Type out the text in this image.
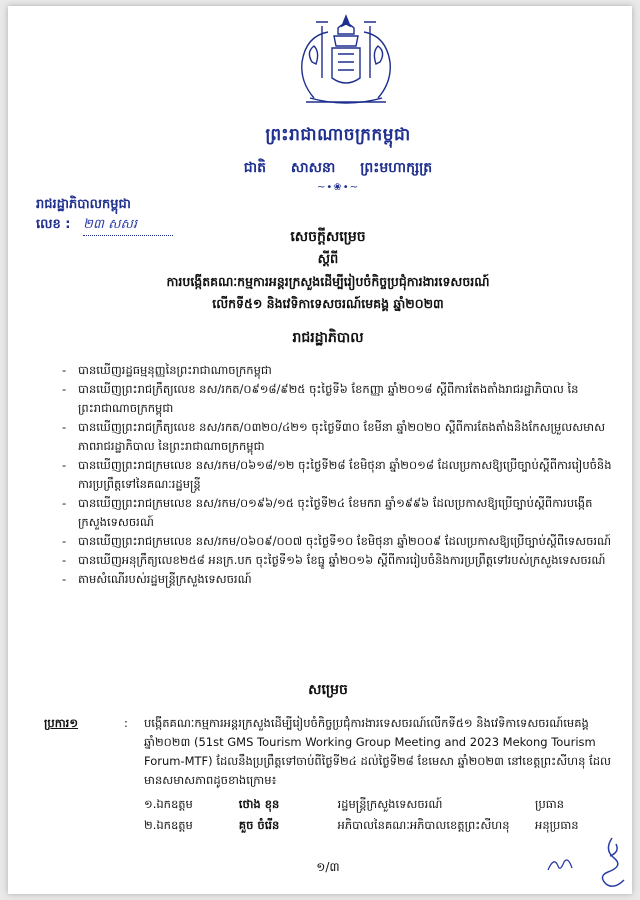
ព្រះរាជាណាចក្រកម្ពុជា
ជាតិ សាសនា ព្រះមហាក្សត្រ
~•❀•~
រាជរដ្ឋាភិបាលកម្ពុជា
លេខ : ២៣ សសរ
សេចក្តីសម្រេច
ស្តីពី
ការបង្កើតគណៈកម្មការអន្តរក្រសួងដើម្បីរៀបចំកិច្ចប្រជុំការងារទេសចរណ៍
លើកទី៥១ និងវេទិកាទេសចរណ៍មេគង្គ ឆ្នាំ២០២៣
រាជរដ្ឋាភិបាល
- បានឃើញរដ្ឋធម្មនុញ្ញនៃព្រះរាជាណាចក្រកម្ពុជា
- បានឃើញព្រះរាជក្រឹត្យលេខ នស/រកត/០៩១៨/៩២៥ ចុះថ្ងៃទី៦ ខែកញ្ញា ឆ្នាំ២០១៨ ស្តីពីការតែងតាំងរាជរដ្ឋាភិបាល នៃព្រះរាជាណាចក្រកម្ពុជា
- បានឃើញព្រះរាជក្រឹត្យលេខ នស/រកត/០៣២០/៤២១ ចុះថ្ងៃទី៣០ ខែមីនា ឆ្នាំ២០២០ ស្តីពីការតែងតាំងនិងកែសម្រួលសមាសភាពរាជរដ្ឋាភិបាល នៃព្រះរាជាណាចក្រកម្ពុជា
- បានឃើញព្រះរាជក្រមលេខ នស/រកម/០៦១៨/១២ ចុះថ្ងៃទី២៨ ខែមិថុនា ឆ្នាំ២០១៨ ដែលប្រកាសឱ្យប្រើច្បាប់ស្តីពីការរៀបចំនិងការប្រព្រឹត្តទៅនៃគណៈរដ្ឋមន្ត្រី
- បានឃើញព្រះរាជក្រមលេខ នស/រកម/០១៩៦/១៥ ចុះថ្ងៃទី២៤ ខែមករា ឆ្នាំ១៩៩៦ ដែលប្រកាសឱ្យប្រើច្បាប់ស្តីពីការបង្កើតក្រសួងទេសចរណ៍
- បានឃើញព្រះរាជក្រមលេខ នស/រកម/០៦០៩/០០៧ ចុះថ្ងៃទី១០ ខែមិថុនា ឆ្នាំ២០០៩ ដែលប្រកាសឱ្យប្រើច្បាប់ស្តីពីទេសចរណ៍
- បានឃើញអនុក្រឹត្យលេខ២៥៨ អនក្រ.បក ចុះថ្ងៃទី១៦ ខែធ្នូ ឆ្នាំ២០១៦ ស្តីពីការរៀបចំនិងការប្រព្រឹត្តទៅរបស់ក្រសួងទេសចរណ៍
- តាមសំណើរបស់រដ្ឋមន្ត្រីក្រសួងទេសចរណ៍
សម្រេច
ប្រការ១	: បង្កើតគណៈកម្មការអន្តរក្រសួងដើម្បីរៀបចំកិច្ចប្រជុំការងារទេសចរណ៍លើកទី៥១ និងវេទិកាទេសចរណ៍មេគង្គ ឆ្នាំ២០២៣ (51st GMS Tourism Working Group Meeting and 2023 Mekong Tourism Forum-MTF) ដែលនឹងប្រព្រឹត្តទៅចាប់ពីថ្ងៃទី២៤ ដល់ថ្ងៃទី២៨ ខែមេសា ឆ្នាំ២០២៣ នៅខេត្តព្រះសីហនុ ដែលមានសមាសភាពដូចខាងក្រោម៖
១.ឯកឧត្តម	ថោង ខុន	រដ្ឋមន្ត្រីក្រសួងទេសចរណ៍	ប្រធាន
២.ឯកឧត្តម	គួច ចំរើន	អភិបាលនៃគណៈអភិបាលខេត្តព្រះសីហនុ	អនុប្រធាន
១/៣
